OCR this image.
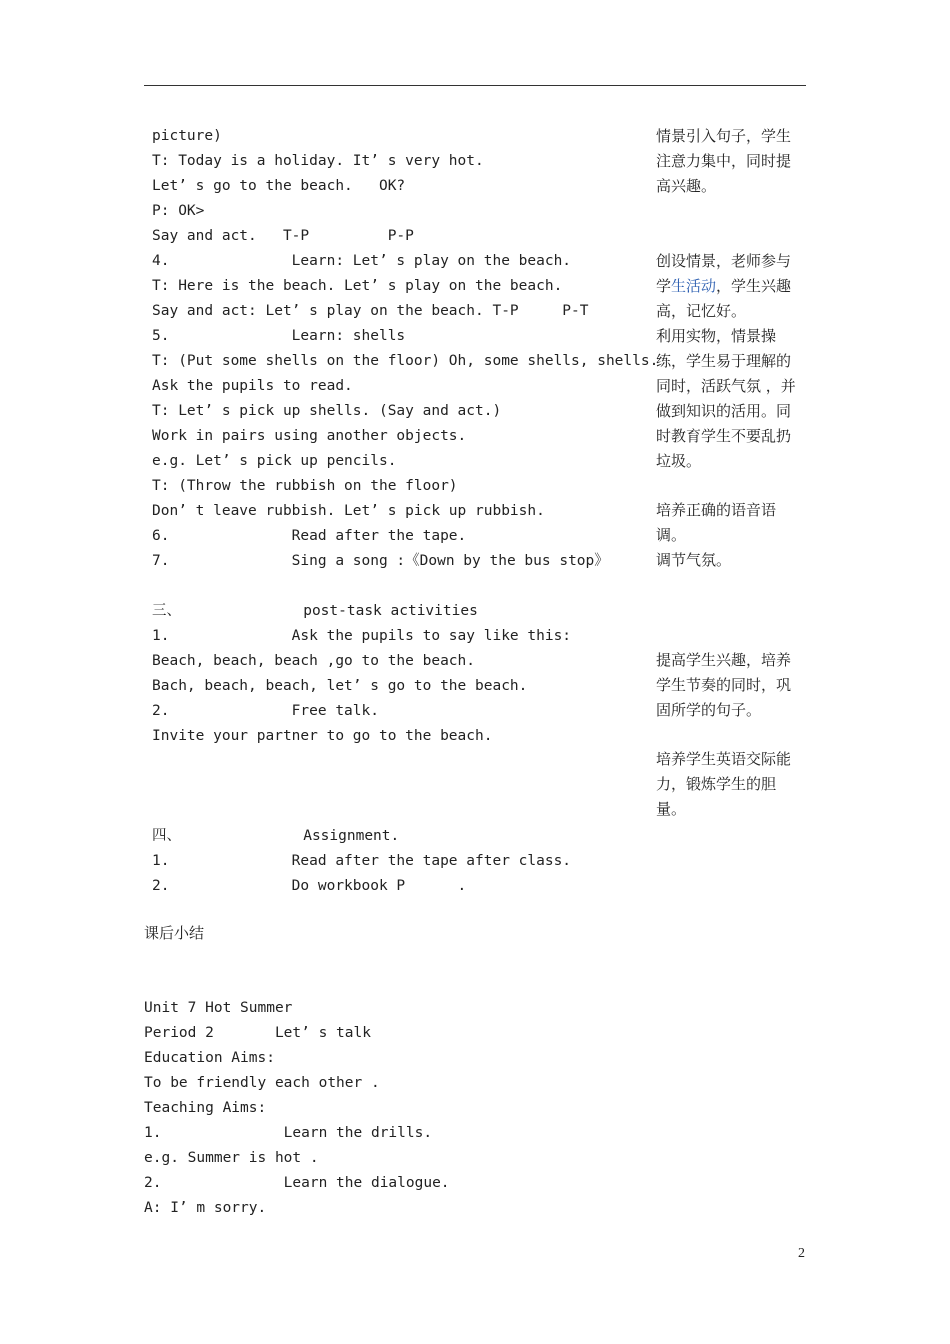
picture)
T: Today is a holiday. It’ s very hot.
Let’ s go to the beach.   OK?
P: OK>
Say and act.   T-P         P-P
4.              Learn: Let’ s play on the beach.
T: Here is the beach. Let’ s play on the beach.
Say and act: Let’ s play on the beach. T-P     P-T
5.              Learn: shells
T: (Put some shells on the floor) Oh, some shells, shells.
Ask the pupils to read.
T: Let’ s pick up shells. (Say and act.)
Work in pairs using another objects.
e.g. Let’ s pick up pencils.
T: (Throw the rubbish on the floor)
Don’ t leave rubbish. Let’ s pick up rubbish.
6.              Read after the tape.
7.              Sing a song :《Down by the bus stop》
三、              post-task activities
1.              Ask the pupils to say like this:
Beach, beach, beach ,go to the beach.
Bach, beach, beach, let’ s go to the beach.
2.              Free talk.
Invite your partner to go to the beach.
四、              Assignment.
1.              Read after the tape after class.
2.              Do workbook P      .
情景引入句子，学生注意力集中，同时提高兴趣。
创设情景，老师参与学生活动，学生兴趣高，记忆好。
利用实物，情景操练，学生易于理解的同时，活跃气氛 ，并做到知识的活用。同时教育学生不要乱扔垃圾。
培养正确的语音语调。
调节气氛。
提高学生兴趣，培养学生节奏的同时，巩固所学的句子。
培养学生英语交际能力，锻炼学生的胆量。
课后小结
Unit 7 Hot Summer
Period 2       Let’ s talk
Education Aims:
To be friendly each other .
Teaching Aims:
1.              Learn the drills.
e.g. Summer is hot .
2.              Learn the dialogue.
A: I’ m sorry.
2
